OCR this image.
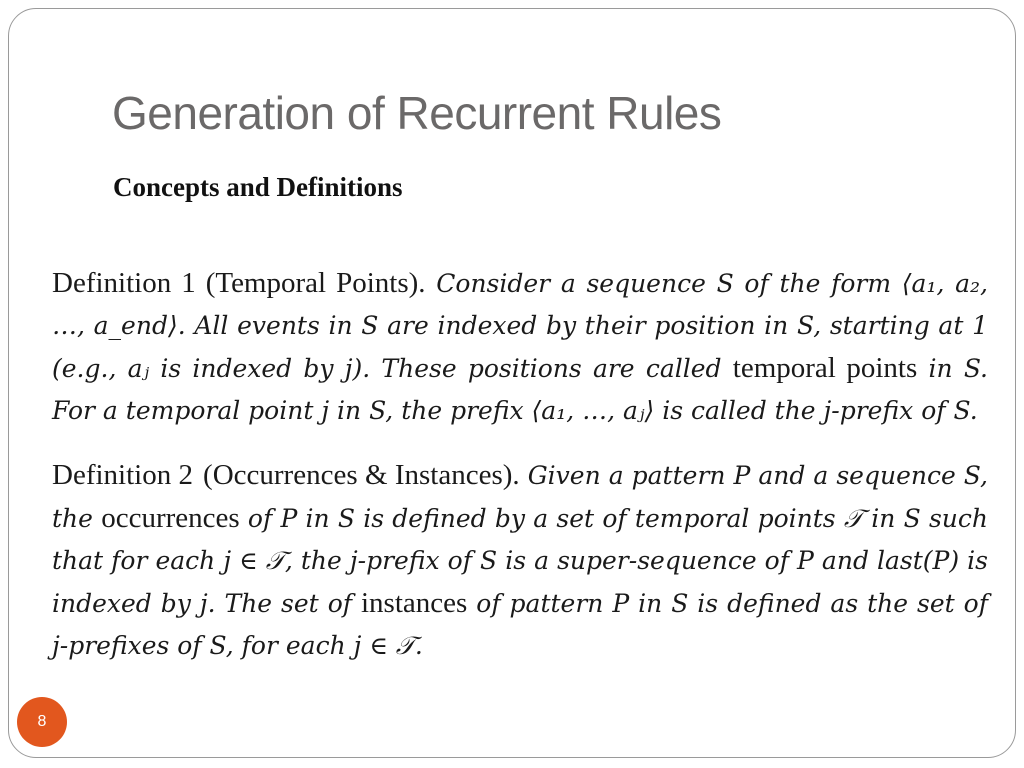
Generation of Recurrent Rules
Concepts and Definitions
Definition 1 (Temporal Points). Consider a sequence S of the form ⟨a₁, a₂, …, a_end⟩. All events in S are indexed by their position in S, starting at 1 (e.g., aⱼ is indexed by j). These positions are called temporal points in S. For a temporal point j in S, the prefix ⟨a₁, …, aⱼ⟩ is called the j-prefix of S.
Definition 2 (Occurrences & Instances). Given a pattern P and a sequence S, the occurrences of P in S is defined by a set of temporal points 𝒯 in S such that for each j ∈ 𝒯, the j-prefix of S is a super-sequence of P and last(P) is indexed by j. The set of instances of pattern P in S is defined as the set of j-prefixes of S, for each j ∈ 𝒯.
8
